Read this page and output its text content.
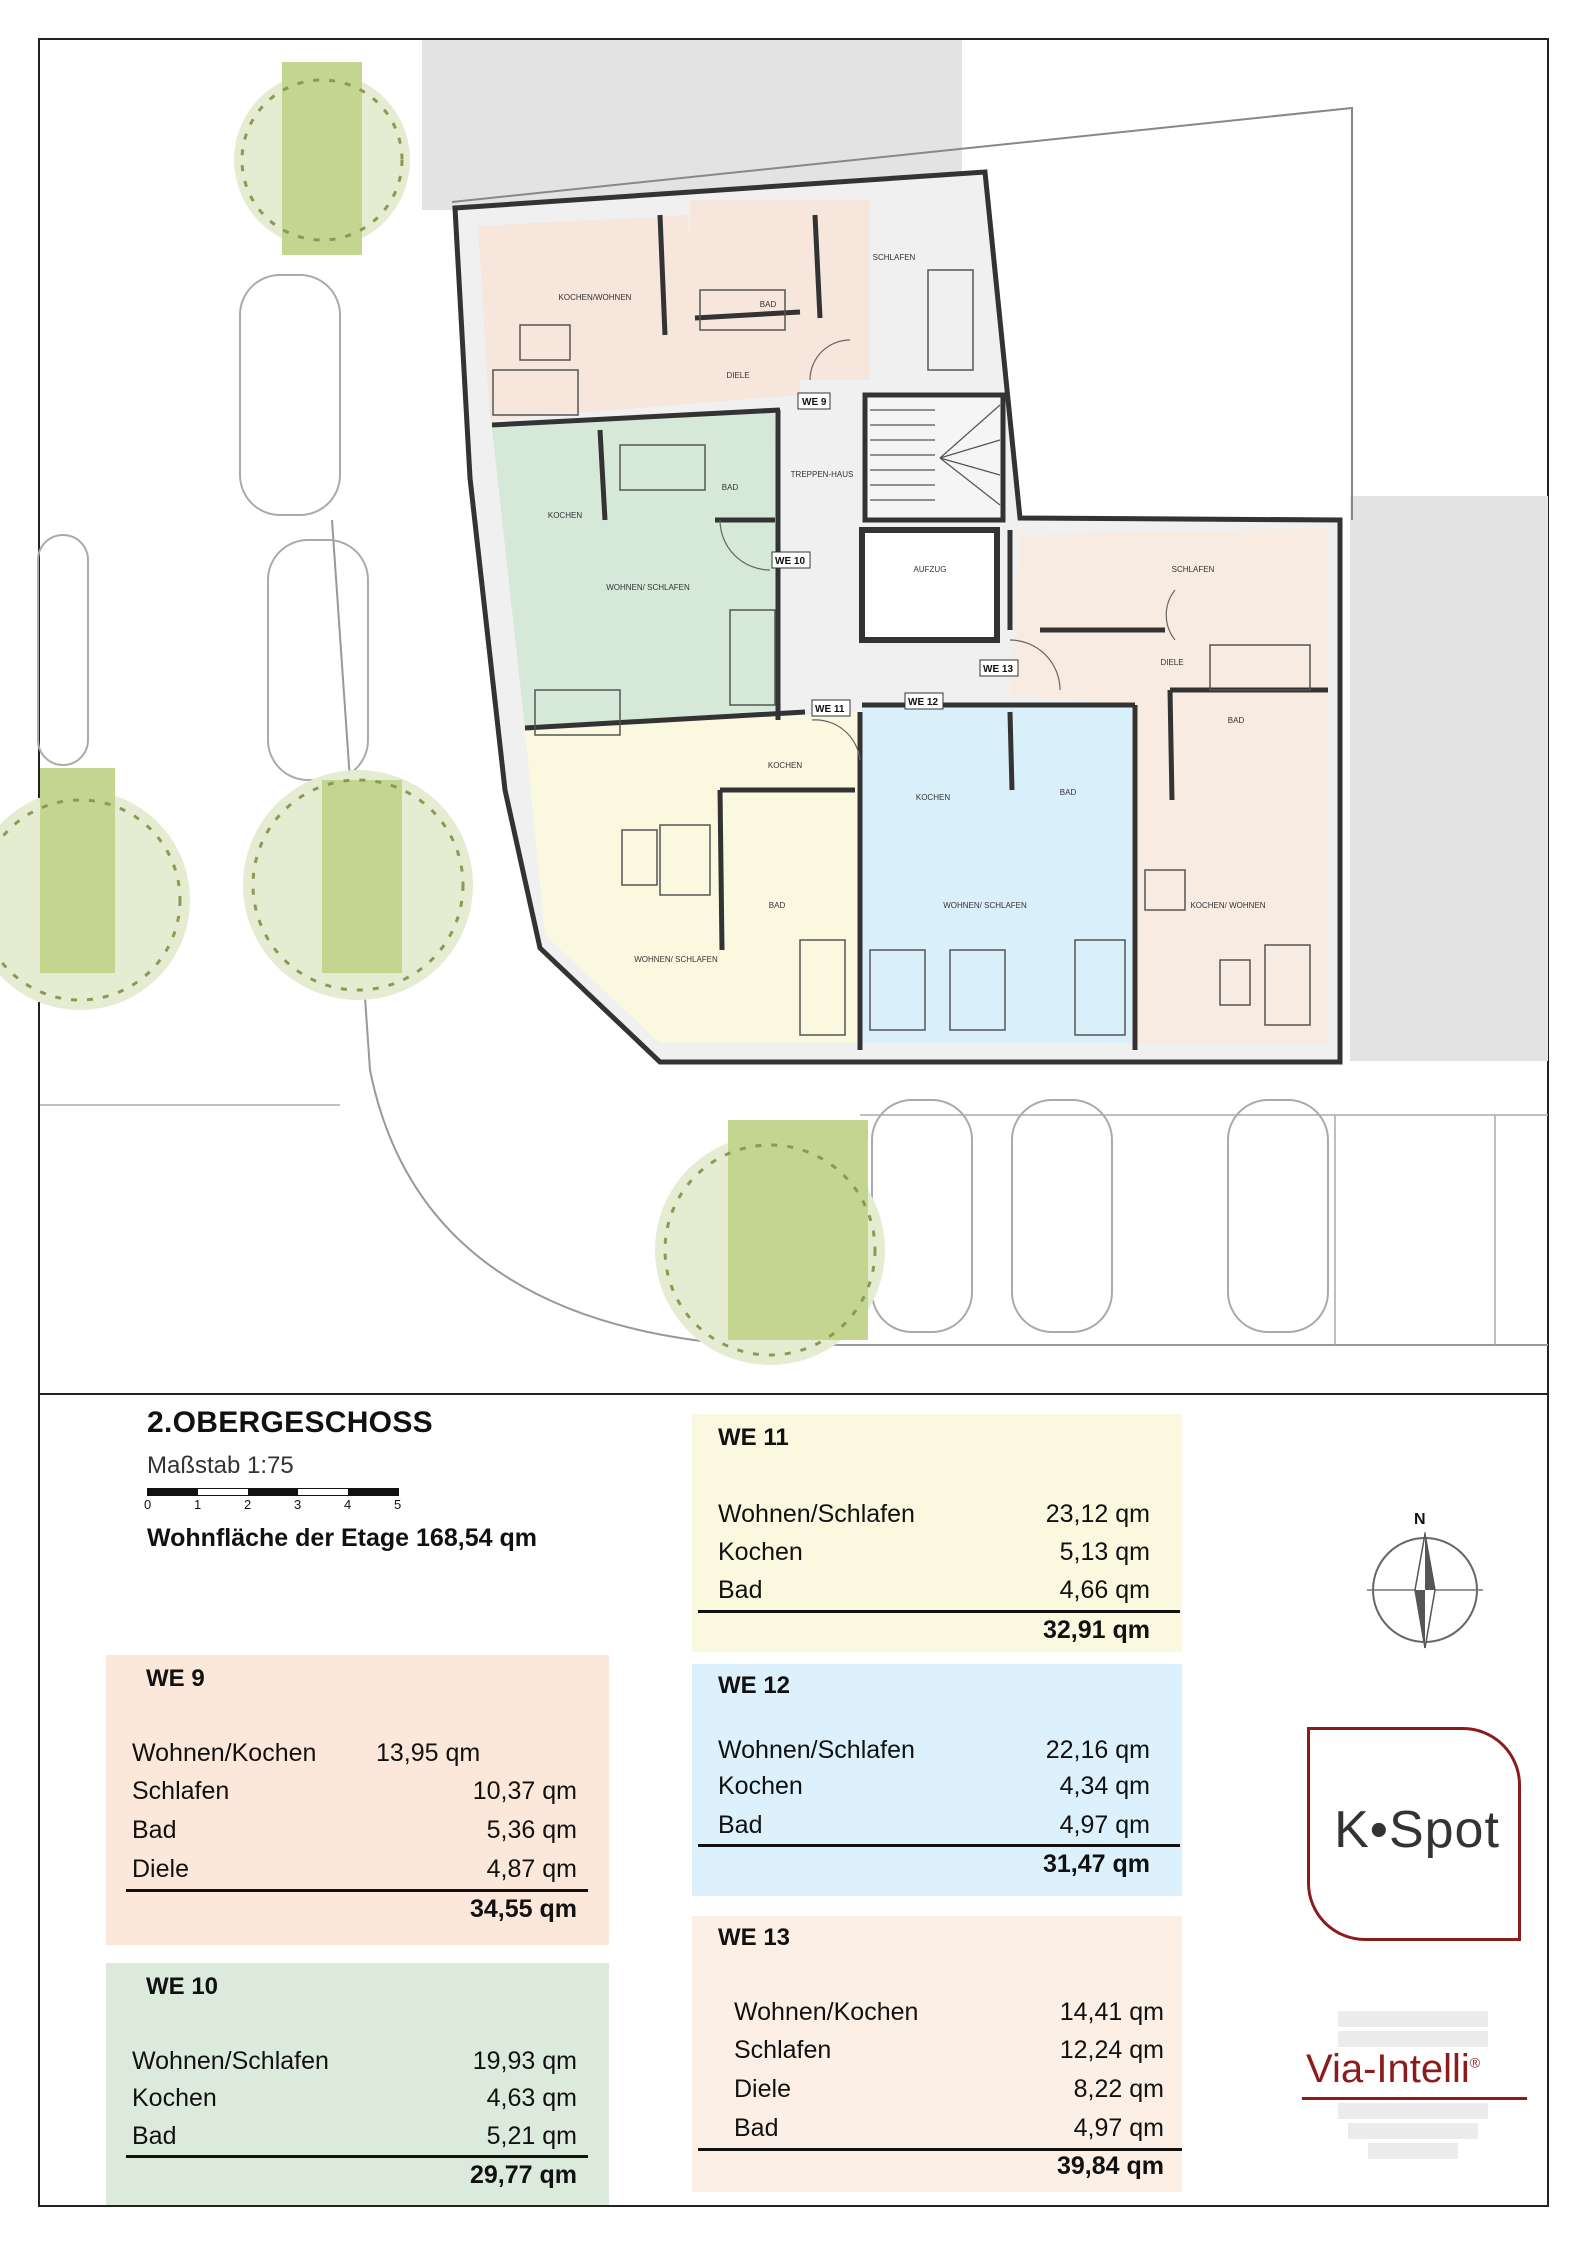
KOCHEN/WOHNEN
BAD
SCHLAFEN
DIELE
TREPPEN-HAUS
AUFZUG
KOCHEN
BAD
WOHNEN/ SCHLAFEN
KOCHEN
BAD
WOHNEN/ SCHLAFEN
KOCHEN
BAD
WOHNEN/ SCHLAFEN
SCHLAFEN
DIELE
BAD
KOCHEN/ WOHNEN
WE 9
WE 10
WE 11
WE 12
WE 13
2.OBERGESCHOSS
Maßstab 1:75
0	1	2	3	4	5
Wohnfläche der Etage 168,54 qm
WE 9
Wohnen/Kochen 13,95 qm
Schlafen	10,37 qm
Bad	5,36 qm
Diele	4,87 qm
34,55 qm
WE 10
Wohnen/Schlafen	19,93 qm
Kochen	4,63 qm
Bad	5,21 qm
29,77 qm
WE 11
Wohnen/Schlafen	23,12 qm
Kochen	5,13 qm
Bad	4,66 qm
32,91 qm
WE 12
Wohnen/Schlafen	22,16 qm
Kochen	4,34 qm
Bad	4,97 qm
31,47 qm
WE 13
Wohnen/Kochen	14,41 qm
Schlafen	12,24 qm
Diele	8,22 qm
Bad	4,97 qm
39,84 qm
N
K•Spot
Via-Intelli®
